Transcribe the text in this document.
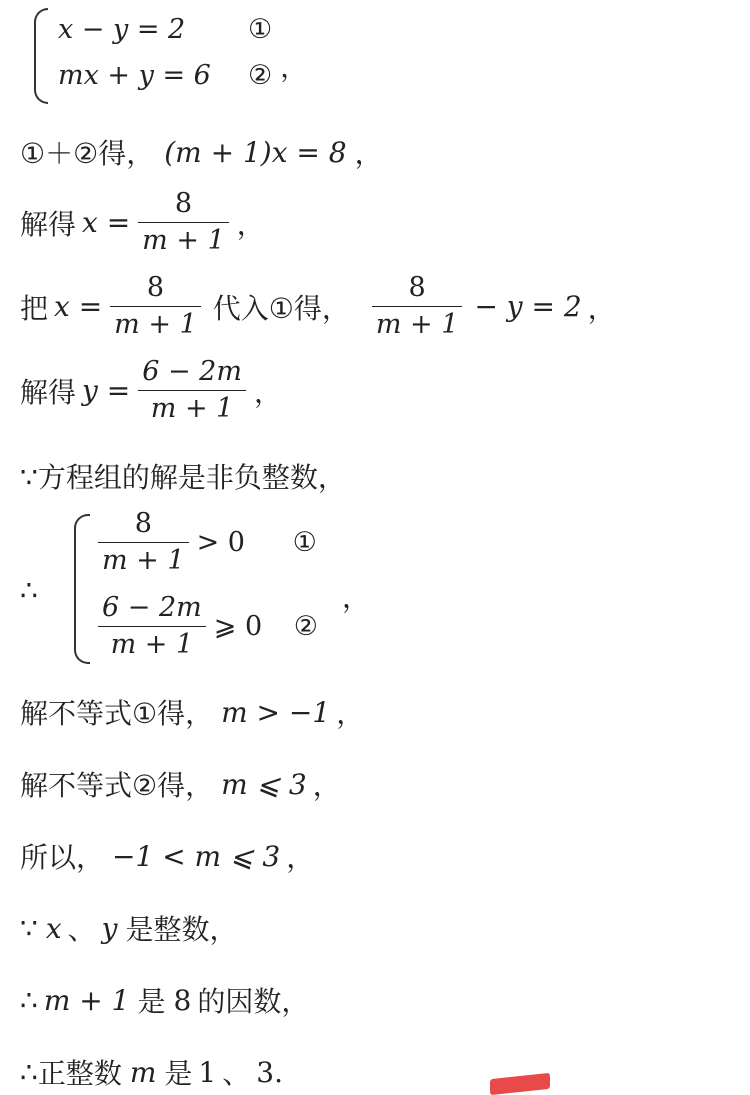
x − y = 2	①
mx + y = 6	② ，
①＋②得， (m + 1)x = 8 ，
解得 $x = \frac{8}{m + 1}$ ，
把 $x = \frac{8}{m + 1}$ 代入①得， $\frac{8}{m + 1} - y = 2$ ，
解得 $y = \frac{6 - 2m}{m + 1}$ ，
∵方程组的解是非负整数，
∴
$\frac{8}{m + 1} > 0$	①
$\frac{6 - 2m}{m + 1}$ ⩾ 0	②
，
解不等式①得， m > −1 ，
解不等式②得， m ⩽ 3 ，
所以， −1 < m ⩽ 3 ，
∵ x 、 y 是整数，
∴ m + 1 是 8 的因数，
∴ 正整数 m 是 1 、 3.
